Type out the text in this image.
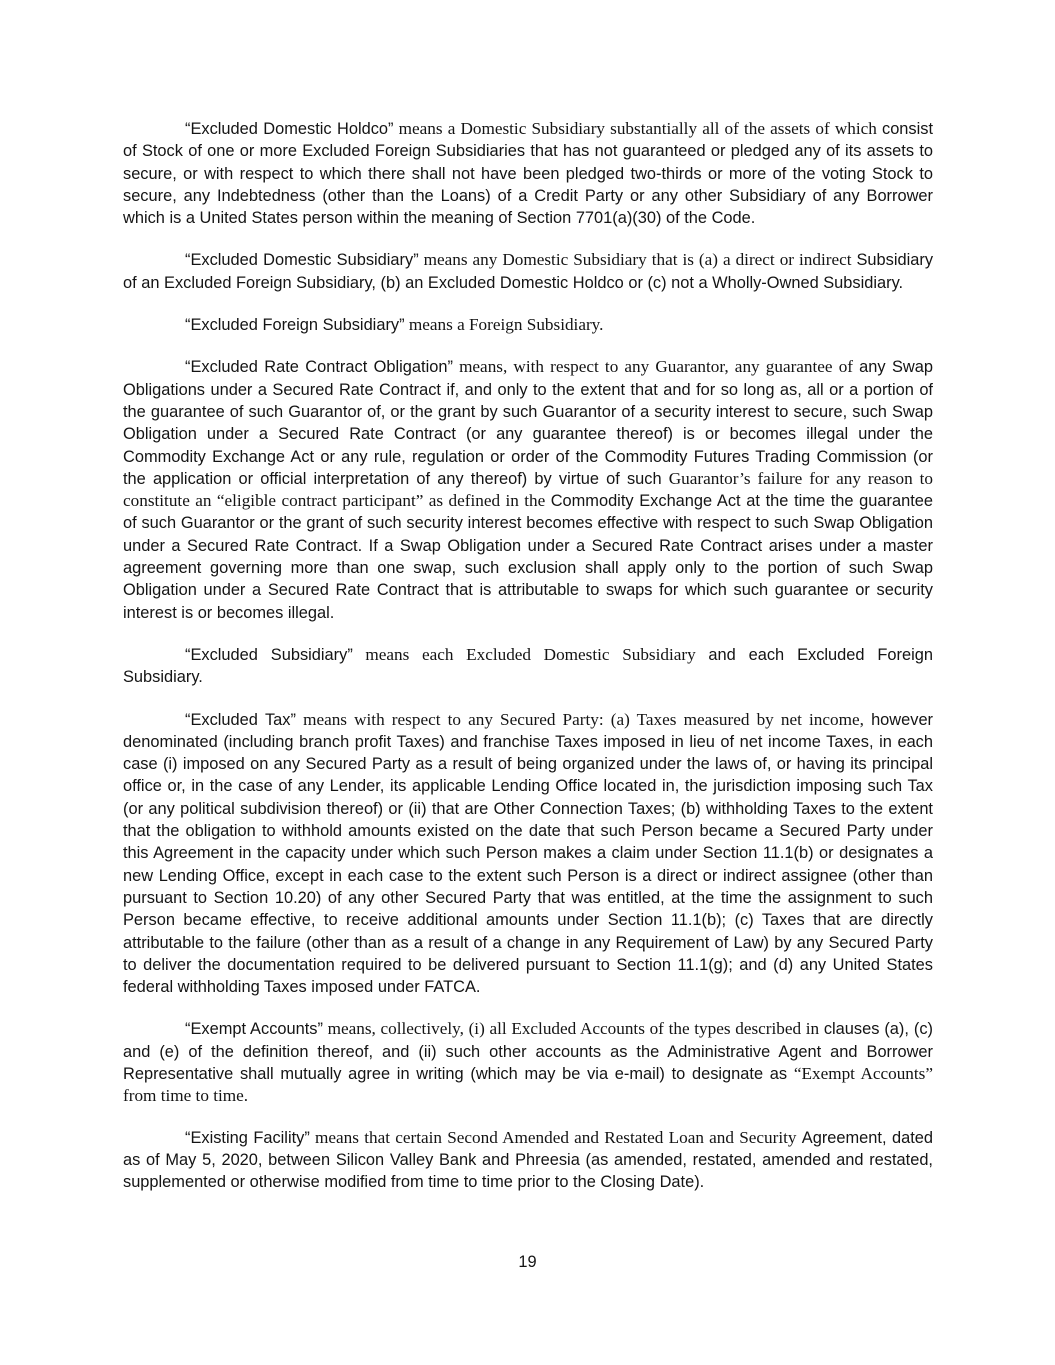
“Excluded Domestic Holdco” means a Domestic Subsidiary substantially all of the assets of which consist of Stock of one or more Excluded Foreign Subsidiaries that has not guaranteed or pledged any of its assets to secure, or with respect to which there shall not have been pledged two-thirds or more of the voting Stock to secure, any Indebtedness (other than the Loans) of a Credit Party or any other Subsidiary of any Borrower which is a United States person within the meaning of Section 7701(a)(30) of the Code.

“Excluded Domestic Subsidiary” means any Domestic Subsidiary that is (a) a direct or indirect Subsidiary of an Excluded Foreign Subsidiary, (b) an Excluded Domestic Holdco or (c) not a Wholly-Owned Subsidiary.

“Excluded Foreign Subsidiary” means a Foreign Subsidiary.

“Excluded Rate Contract Obligation” means, with respect to any Guarantor, any guarantee of any Swap Obligations under a Secured Rate Contract if, and only to the extent that and for so long as, all or a portion of the guarantee of such Guarantor of, or the grant by such Guarantor of a security interest to secure, such Swap Obligation under a Secured Rate Contract (or any guarantee thereof) is or becomes illegal under the Commodity Exchange Act or any rule, regulation or order of the Commodity Futures Trading Commission (or the application or official interpretation of any thereof) by virtue of such Guarantor’s failure for any reason to constitute an “eligible contract participant” as defined in the Commodity Exchange Act at the time the guarantee of such Guarantor or the grant of such security interest becomes effective with respect to such Swap Obligation under a Secured Rate Contract. If a Swap Obligation under a Secured Rate Contract arises under a master agreement governing more than one swap, such exclusion shall apply only to the portion of such Swap Obligation under a Secured Rate Contract that is attributable to swaps for which such guarantee or security interest is or becomes illegal.

“Excluded Subsidiary” means each Excluded Domestic Subsidiary and each Excluded Foreign Subsidiary.

“Excluded Tax” means with respect to any Secured Party: (a) Taxes measured by net income, however denominated (including branch profit Taxes) and franchise Taxes imposed in lieu of net income Taxes, in each case (i) imposed on any Secured Party as a result of being organized under the laws of, or having its principal office or, in the case of any Lender, its applicable Lending Office located in, the jurisdiction imposing such Tax (or any political subdivision thereof) or (ii) that are Other Connection Taxes; (b) withholding Taxes to the extent that the obligation to withhold amounts existed on the date that such Person became a Secured Party under this Agreement in the capacity under which such Person makes a claim under Section 11.1(b) or designates a new Lending Office, except in each case to the extent such Person is a direct or indirect assignee (other than pursuant to Section 10.20) of any other Secured Party that was entitled, at the time the assignment to such Person became effective, to receive additional amounts under Section 11.1(b); (c) Taxes that are directly attributable to the failure (other than as a result of a change in any Requirement of Law) by any Secured Party to deliver the documentation required to be delivered pursuant to Section 11.1(g); and (d) any United States federal withholding Taxes imposed under FATCA.

“Exempt Accounts” means, collectively, (i) all Excluded Accounts of the types described in clauses (a), (c) and (e) of the definition thereof, and (ii) such other accounts as the Administrative Agent and Borrower Representative shall mutually agree in writing (which may be via e-mail) to designate as “Exempt Accounts” from time to time.

“Existing Facility” means that certain Second Amended and Restated Loan and Security Agreement, dated as of May 5, 2020, between Silicon Valley Bank and Phreesia (as amended, restated, amended and restated, supplemented or otherwise modified from time to time prior to the Closing Date).

19
